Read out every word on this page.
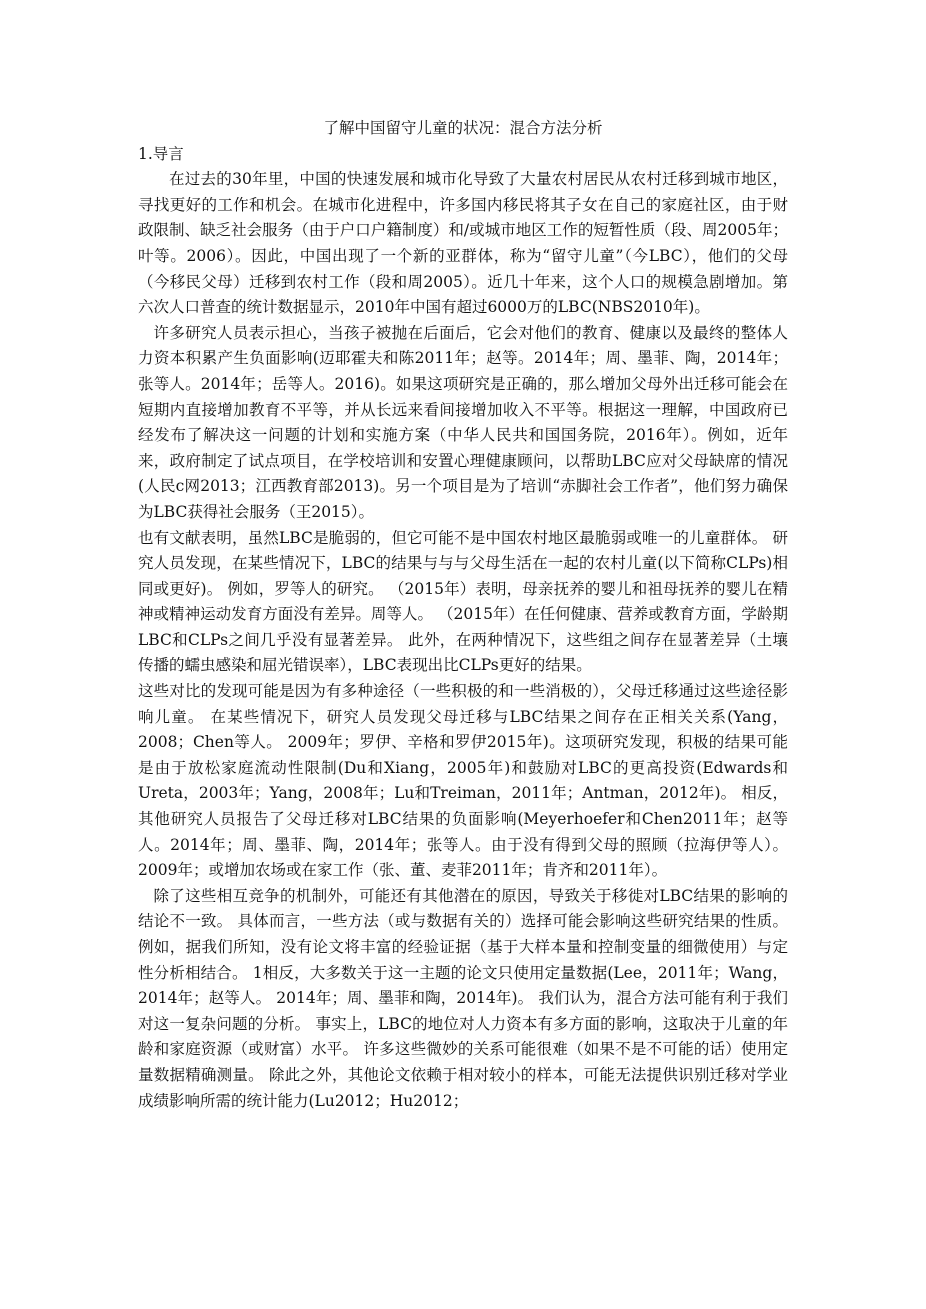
了解中国留守儿童的状况：混合方法分析
1.导言

在过去的30年里，中国的快速发展和城市化导致了大量农村居民从农村迁移到城市地区，寻找更好的工作和机会。在城市化进程中，许多国内移民将其子女在自己的家庭社区，由于财政限制、缺乏社会服务（由于户口户籍制度）和/或城市地区工作的短暂性质（段、周2005年；叶等。2006）。因此，中国出现了一个新的亚群体，称为“留守儿童”（今LBC），他们的父母（今移民父母）迁移到农村工作（段和周2005）。近几十年来，这个人口的规模急剧增加。第六次人口普查的统计数据显示，2010年中国有超过6000万的LBC(NBS2010年)。

许多研究人员表示担心，当孩子被抛在后面后，它会对他们的教育、健康以及最终的整体人力资本积累产生负面影响(迈耶霍夫和陈2011年；赵等。2014年；周、墨菲、陶，2014年；张等人。2014年；岳等人。2016)。如果这项研究是正确的，那么增加父母外出迁移可能会在短期内直接增加教育不平等，并从长远来看间接增加收入不平等。根据这一理解，中国政府已经发布了解决这一问题的计划和实施方案（中华人民共和国国务院，2016年）。例如，近年来，政府制定了试点项目，在学校培训和安置心理健康顾问，以帮助LBC应对父母缺席的情况(人民c网2013；江西教育部2013)。另一个项目是为了培训“赤脚社会工作者”，他们努力确保为LBC获得社会服务（王2015）。

也有文献表明，虽然LBC是脆弱的，但它可能不是中国农村地区最脆弱或唯一的儿童群体。 研究人员发现，在某些情况下，LBC的结果与与与父母生活在一起的农村儿童(以下简称CLPs)相同或更好)。 例如，罗等人的研究。 （2015年）表明，母亲抚养的婴儿和祖母抚养的婴儿在精神或精神运动发育方面没有差异。周等人。 （2015年）在任何健康、营养或教育方面，学龄期LBC和CLPs之间几乎没有显著差异。 此外，在两种情况下，这些组之间存在显著差异（土壤传播的蠕虫感染和屈光错误率），LBC表现出比CLPs更好的结果。

这些对比的发现可能是因为有多种途径（一些积极的和一些消极的），父母迁移通过这些途径影响儿童。 在某些情况下，研究人员发现父母迁移与LBC结果之间存在正相关关系(Yang，2008；Chen等人。 2009年；罗伊、辛格和罗伊2015年)。这项研究发现，积极的结果可能是由于放松家庭流动性限制(Du和Xiang，2005年)和鼓励对LBC的更高投资(Edwards和Ureta，2003年；Yang，2008年；Lu和Treiman，2011年；Antman，2012年)。 相反，其他研究人员报告了父母迁移对LBC结果的负面影响(Meyerhoefer和Chen2011年；赵等人。2014年；周、墨菲、陶，2014年；张等人。由于没有得到父母的照顾（拉海伊等人）。2009年；或增加农场或在家工作（张、董、麦菲2011年；肯齐和2011年）。

除了这些相互竞争的机制外，可能还有其他潜在的原因，导致关于移徙对LBC结果的影响的结论不一致。 具体而言，一些方法（或与数据有关的）选择可能会影响这些研究结果的性质。 例如，据我们所知，没有论文将丰富的经验证据（基于大样本量和控制变量的细微使用）与定性分析相结合。 1相反，大多数关于这一主题的论文只使用定量数据(Lee，2011年；Wang，2014年；赵等人。 2014年；周、墨菲和陶，2014年)。 我们认为，混合方法可能有利于我们对这一复杂问题的分析。 事实上，LBC的地位对人力资本有多方面的影响，这取决于儿童的年龄和家庭资源（或财富）水平。 许多这些微妙的关系可能很难（如果不是不可能的话）使用定量数据精确测量。 除此之外，其他论文依赖于相对较小的样本，可能无法提供识别迁移对学业成绩影响所需的统计能力(Lu2012；Hu2012；
